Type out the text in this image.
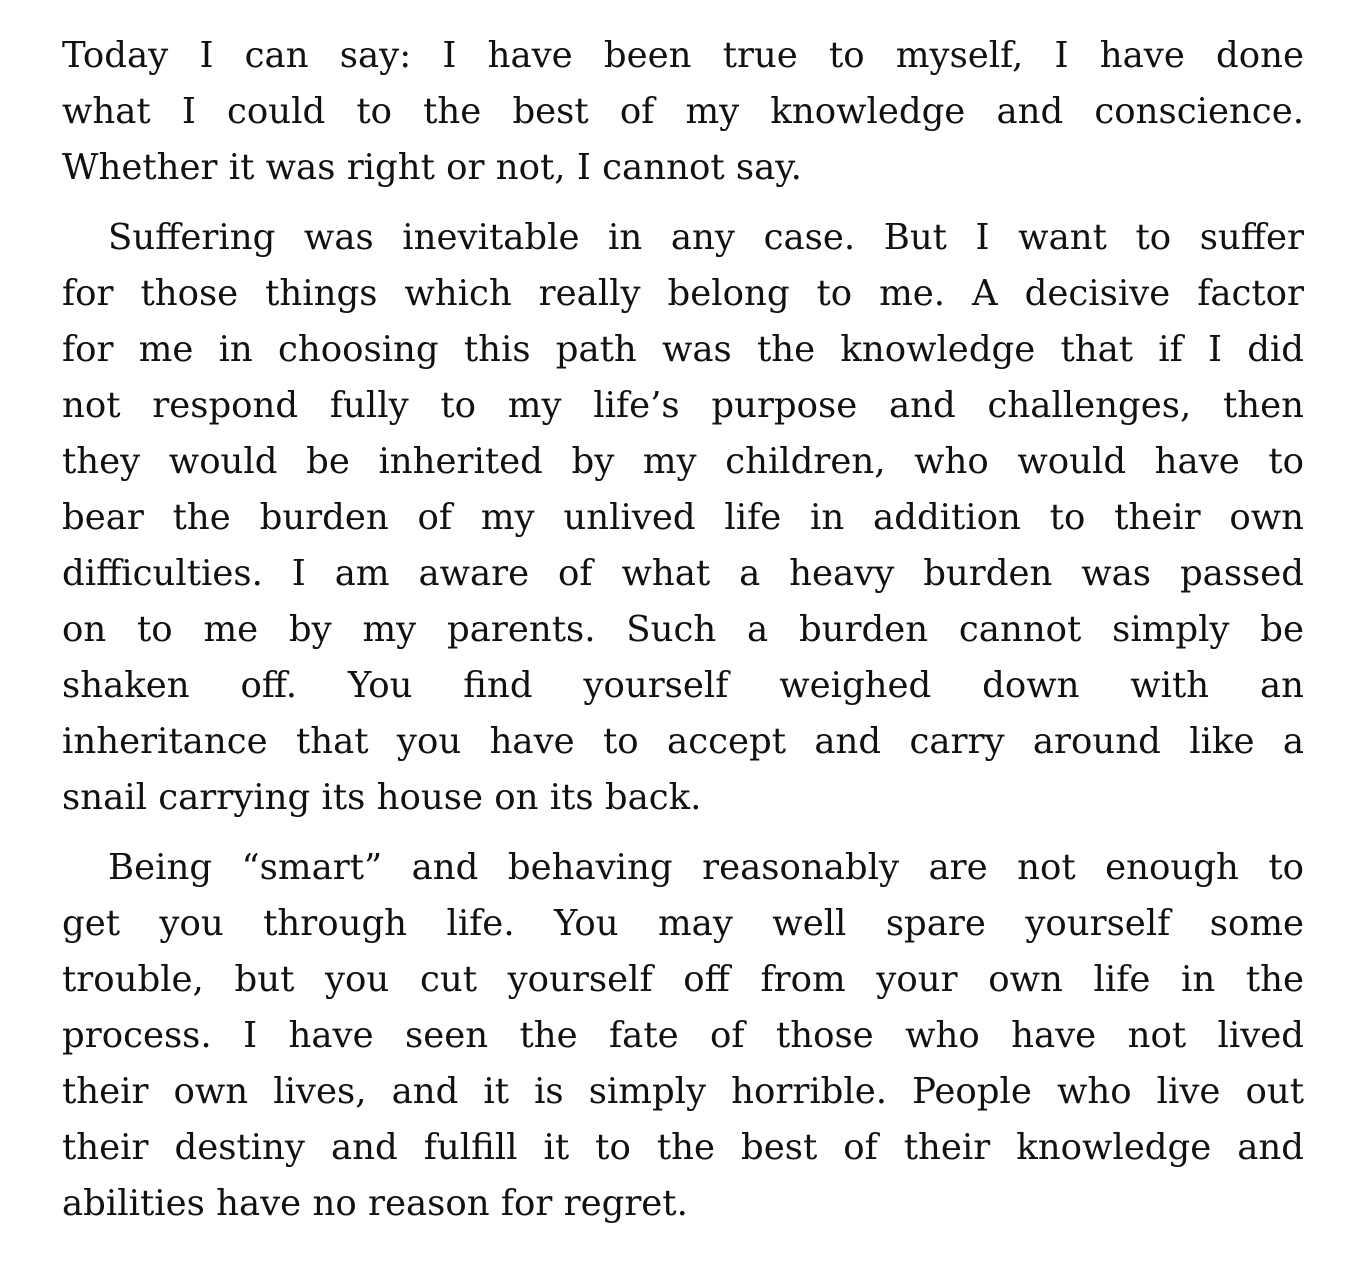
Today I can say: I have been true to myself, I have done
what I could to the best of my knowledge and conscience.
Whether it was right or not, I cannot say.
Suffering was inevitable in any case. But I want to suffer
for those things which really belong to me. A decisive factor
for me in choosing this path was the knowledge that if I did
not respond fully to my life’s purpose and challenges, then
they would be inherited by my children, who would have to
bear the burden of my unlived life in addition to their own
difficulties. I am aware of what a heavy burden was passed
on to me by my parents. Such a burden cannot simply be
shaken off. You find yourself weighed down with an
inheritance that you have to accept and carry around like a
snail carrying its house on its back.
Being “smart” and behaving reasonably are not enough to
get you through life. You may well spare yourself some
trouble, but you cut yourself off from your own life in the
process. I have seen the fate of those who have not lived
their own lives, and it is simply horrible. People who live out
their destiny and fulfill it to the best of their knowledge and
abilities have no reason for regret.
